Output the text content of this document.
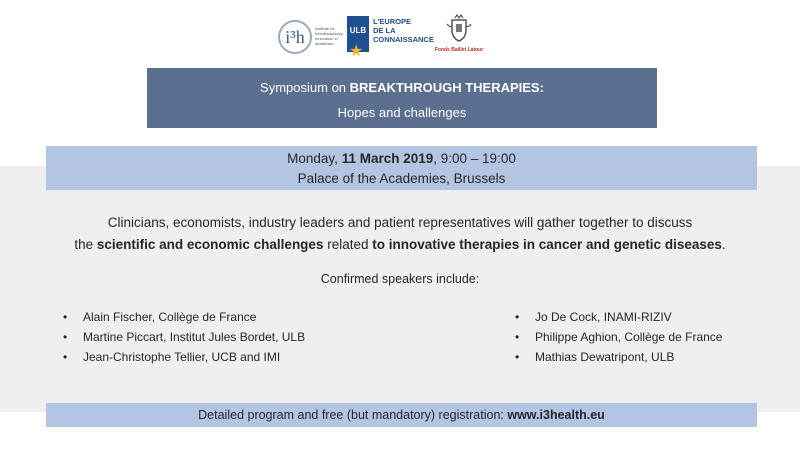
i³h	Institute for Interdisciplinary Innovation in healthcare
ULB
★
L'EUROPE
DE LA
CONNAISSANCE
Fonds Baillet Latour
Symposium on BREAKTHROUGH THERAPIES:
Hopes and challenges
Monday, 11 March 2019, 9:00 – 19:00
Palace of the Academies, Brussels
Clinicians, economists, industry leaders and patient representatives will gather together to discuss
the scientific and economic challenges related to innovative therapies in cancer and genetic diseases.
Confirmed speakers include:
• Alain Fischer, Collège de France
• Martine Piccart, Institut Jules Bordet, ULB
• Jean-Christophe Tellier, UCB and IMI
• Jo De Cock, INAMI-RIZIV
• Philippe Aghion, Collège de France
• Mathias Dewatripont, ULB
Detailed program and free (but mandatory) registration: www.i3health.eu
